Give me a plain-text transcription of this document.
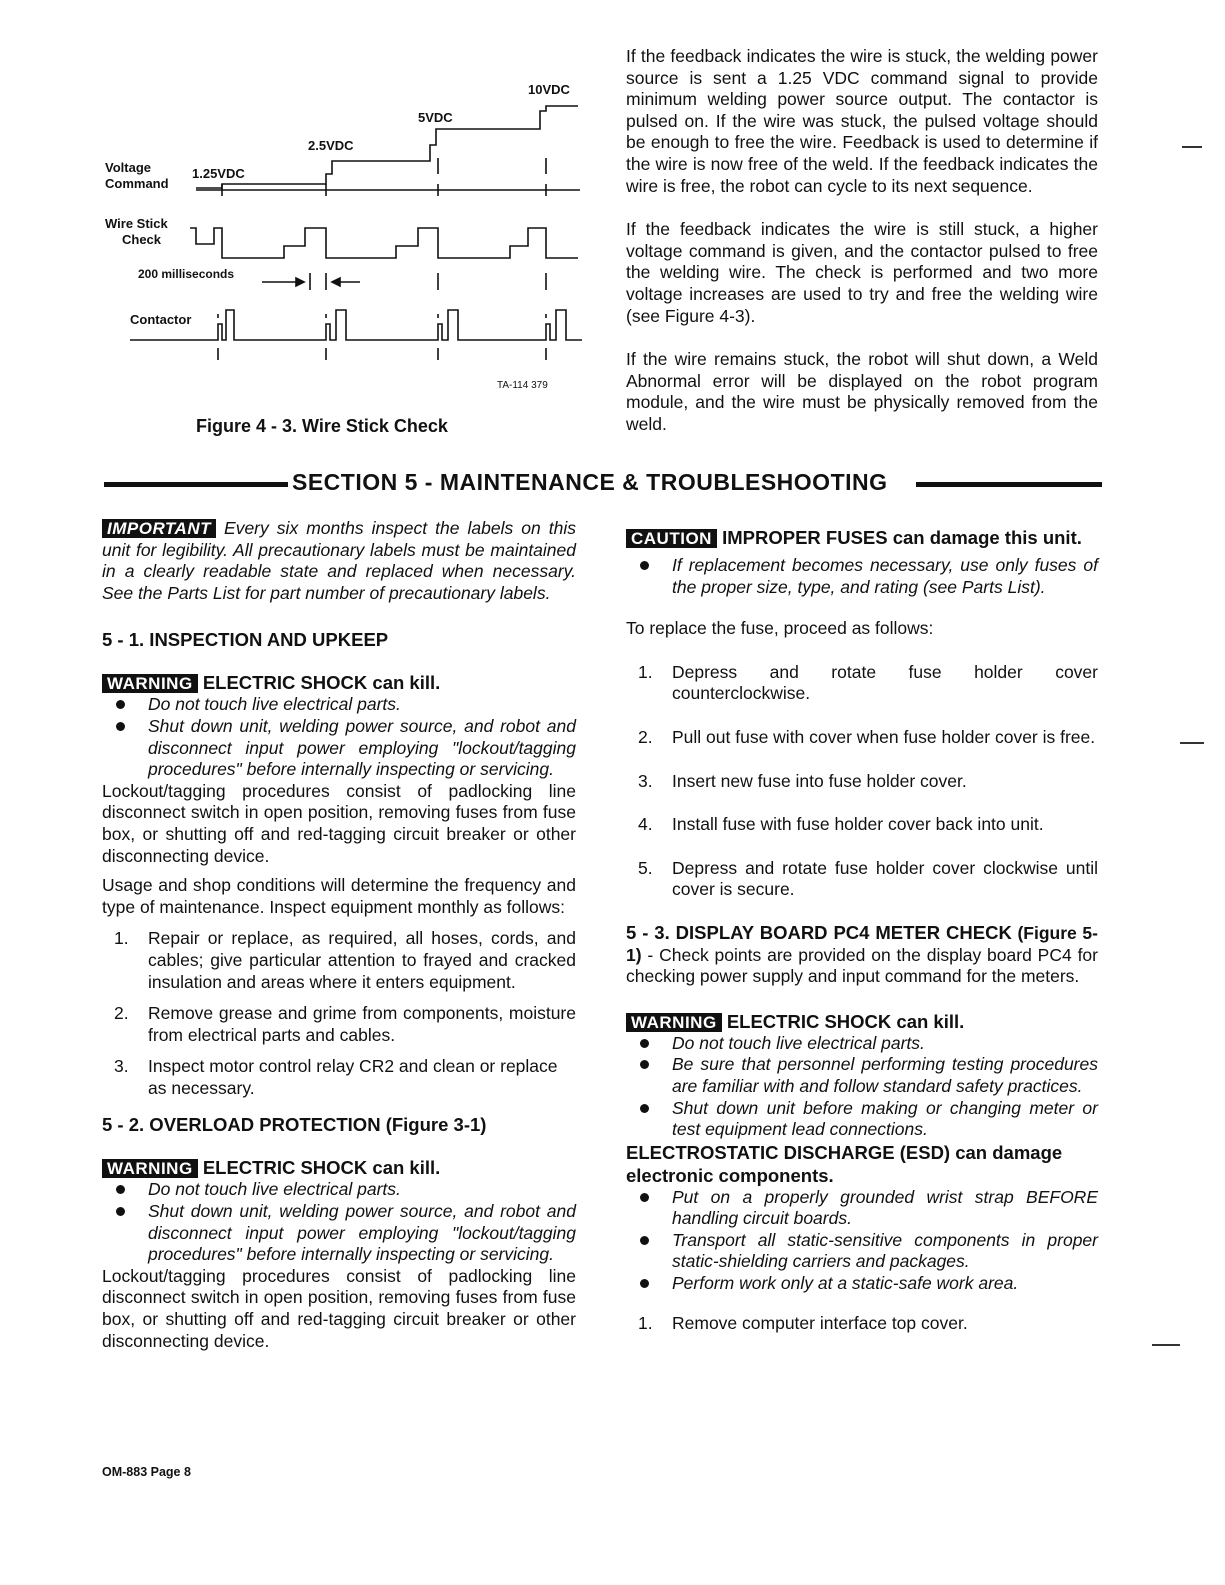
Voltage
Command
1.25VDC
2.5VDC
5VDC
10VDC
Wire Stick
Check
200 milliseconds
Contactor
TA-114 379
Figure 4 - 3. Wire Stick Check

If the feedback indicates the wire is stuck, the welding power source is sent a 1.25 VDC command signal to provide minimum welding power source output. The contactor is pulsed on. If the wire was stuck, the pulsed voltage should be enough to free the wire. Feedback is used to determine if the wire is now free of the weld. If the feedback indicates the wire is free, the robot can cycle to its next sequence.

If the feedback indicates the wire is still stuck, a higher voltage command is given, and the contactor pulsed to free the welding wire. The check is performed and two more voltage increases are used to try and free the welding wire (see Figure 4-3).

If the wire remains stuck, the robot will shut down, a Weld Abnormal error will be displayed on the robot program module, and the wire must be physically removed from the weld.

SECTION 5 - MAINTENANCE & TROUBLESHOOTING

IMPORTANT Every six months inspect the labels on this unit for legibility. All precautionary labels must be maintained in a clearly readable state and replaced when necessary. See the Parts List for part number of precautionary labels.

5 - 1. INSPECTION AND UPKEEP

WARNING ELECTRIC SHOCK can kill.

Do not touch live electrical parts.

Shut down unit, welding power source, and robot and disconnect input power employing "lockout/tagging procedures" before internally inspecting or servicing.

Lockout/tagging procedures consist of padlocking line disconnect switch in open position, removing fuses from fuse box, or shutting off and red-tagging circuit breaker or other disconnecting device.

Usage and shop conditions will determine the frequency and type of maintenance. Inspect equipment monthly as follows:

1. Repair or replace, as required, all hoses, cords, and cables; give particular attention to frayed and cracked insulation and areas where it enters equipment.
2. Remove grease and grime from components, moisture from electrical parts and cables.
3. Inspect motor control relay CR2 and clean or replace as necessary.

5 - 2. OVERLOAD PROTECTION (Figure 3-1)

WARNING ELECTRIC SHOCK can kill.

Do not touch live electrical parts.

Shut down unit, welding power source, and robot and disconnect input power employing "lockout/tagging procedures" before internally inspecting or servicing.

Lockout/tagging procedures consist of padlocking line disconnect switch in open position, removing fuses from fuse box, or shutting off and red-tagging circuit breaker or other disconnecting device.

OM-883 Page 8

CAUTION IMPROPER FUSES can damage this unit.

If replacement becomes necessary, use only fuses of the proper size, type, and rating (see Parts List).

To replace the fuse, proceed as follows:

1. Depress and rotate fuse holder cover counterclockwise.
2. Pull out fuse with cover when fuse holder cover is free.
3. Insert new fuse into fuse holder cover.
4. Install fuse with fuse holder cover back into unit.
5. Depress and rotate fuse holder cover clockwise until cover is secure.

5 - 3. DISPLAY BOARD PC4 METER CHECK (Figure 5-1) - Check points are provided on the display board PC4 for checking power supply and input command for the meters.

WARNING ELECTRIC SHOCK can kill.

Do not touch live electrical parts.

Be sure that personnel performing testing procedures are familiar with and follow standard safety practices.

Shut down unit before making or changing meter or test equipment lead connections.

ELECTROSTATIC DISCHARGE (ESD) can damage electronic components.

Put on a properly grounded wrist strap BEFORE handling circuit boards.

Transport all static-sensitive components in proper static-shielding carriers and packages.

Perform work only at a static-safe work area.

1. Remove computer interface top cover.
